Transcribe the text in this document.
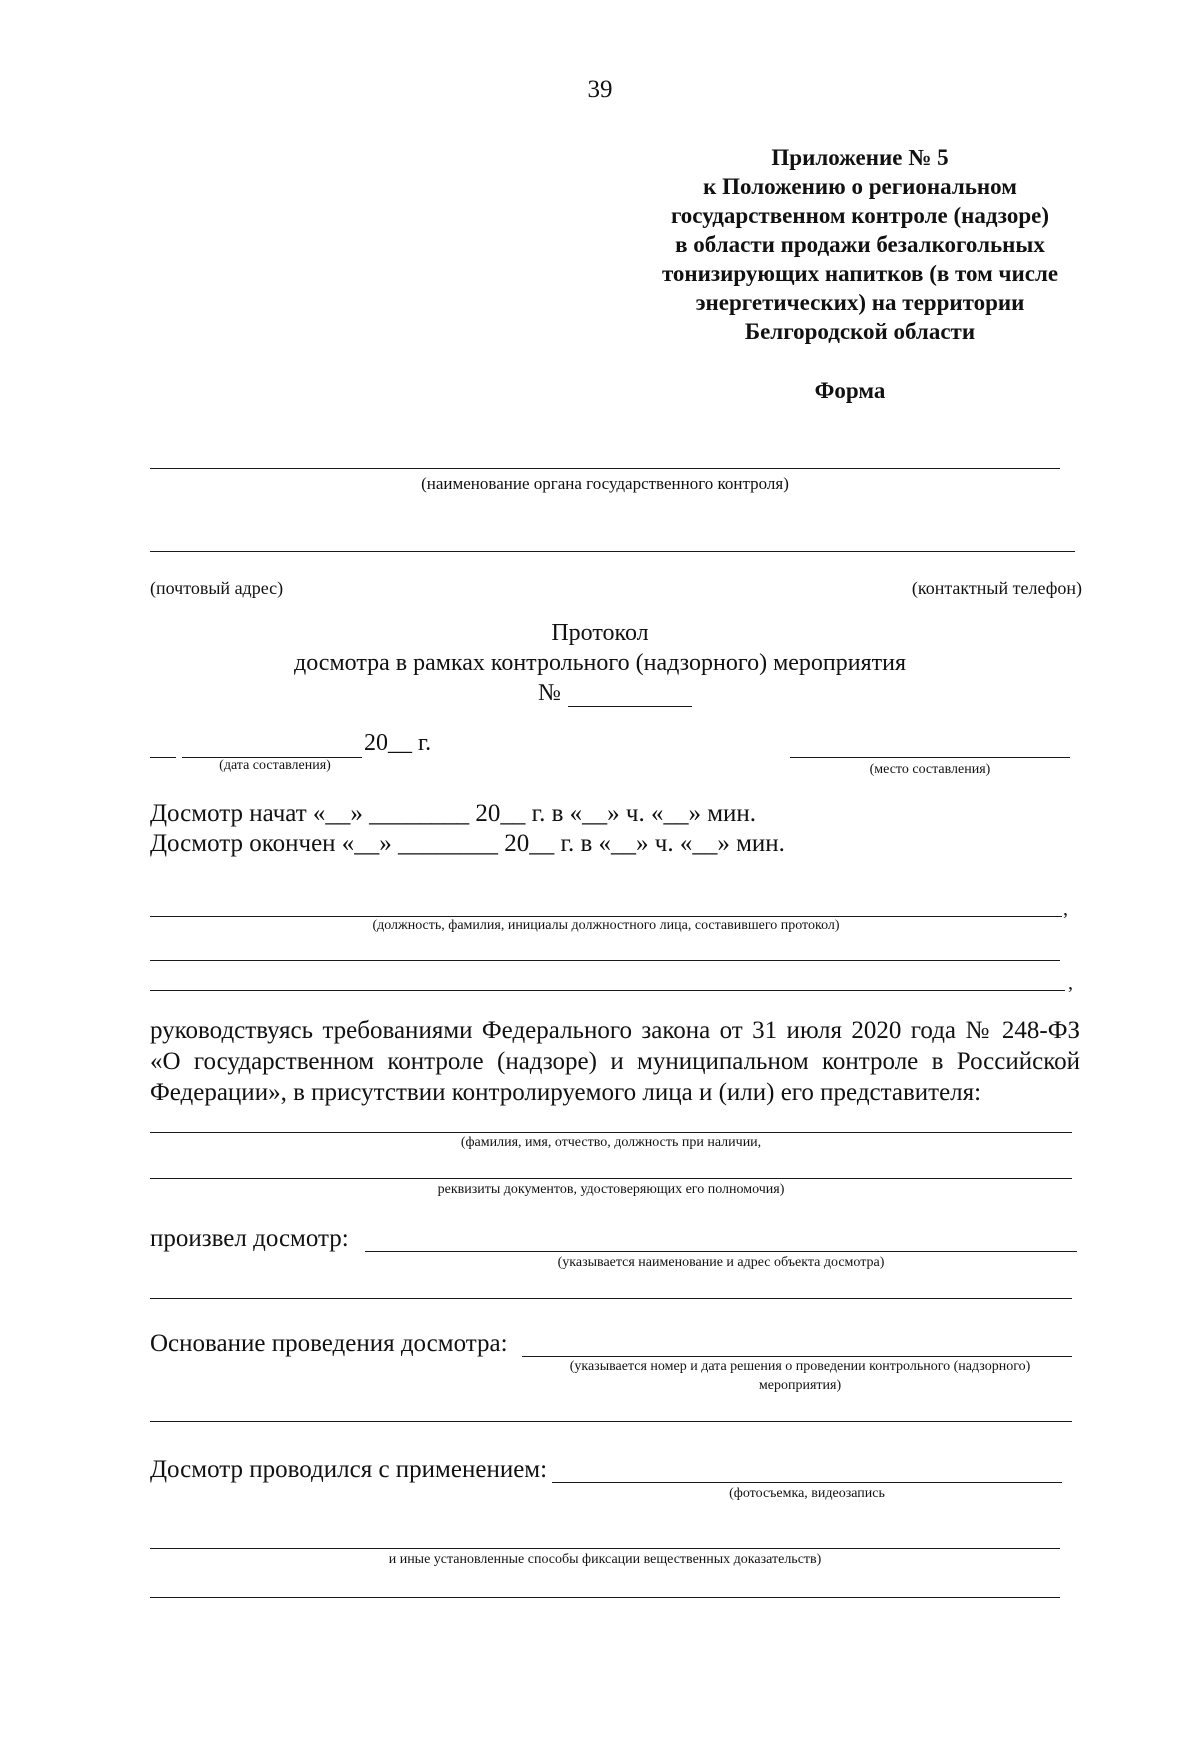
39
Приложение № 5
к Положению о региональном
государственном контроле (надзоре)
в области продажи безалкогольных
тонизирующих напитков (в том числе
энергетических) на территории
Белгородской области
Форма
(наименование органа государственного контроля)
(почтовый адрес)	(контактный телефон)
Протокол
досмотра в рамках контрольного (надзорного) мероприятия
№
20__ г.
(дата составления)	(место составления)
Досмотр начат «__» ________ 20__ г. в «__» ч. «__» мин.
Досмотр окончен «__» ________ 20__ г. в «__» ч. «__» мин.
,
(должность, фамилия, инициалы должностного лица, составившего протокол)
,
руководствуясь требованиями Федерального закона от 31 июля 2020 года № 248-ФЗ
«О государственном контроле (надзоре) и муниципальном контроле в Российской
Федерации», в присутствии контролируемого лица и (или) его представителя:
(фамилия, имя, отчество, должность при наличии,
реквизиты документов, удостоверяющих его полномочия)
произвел досмотр:
(указывается наименование и адрес объекта досмотра)
Основание проведения досмотра:
(указывается номер и дата решения о проведении контрольного (надзорного)
мероприятия)
Досмотр проводился с применением:
(фотосъемка, видеозапись
и иные установленные способы фиксации вещественных доказательств)
